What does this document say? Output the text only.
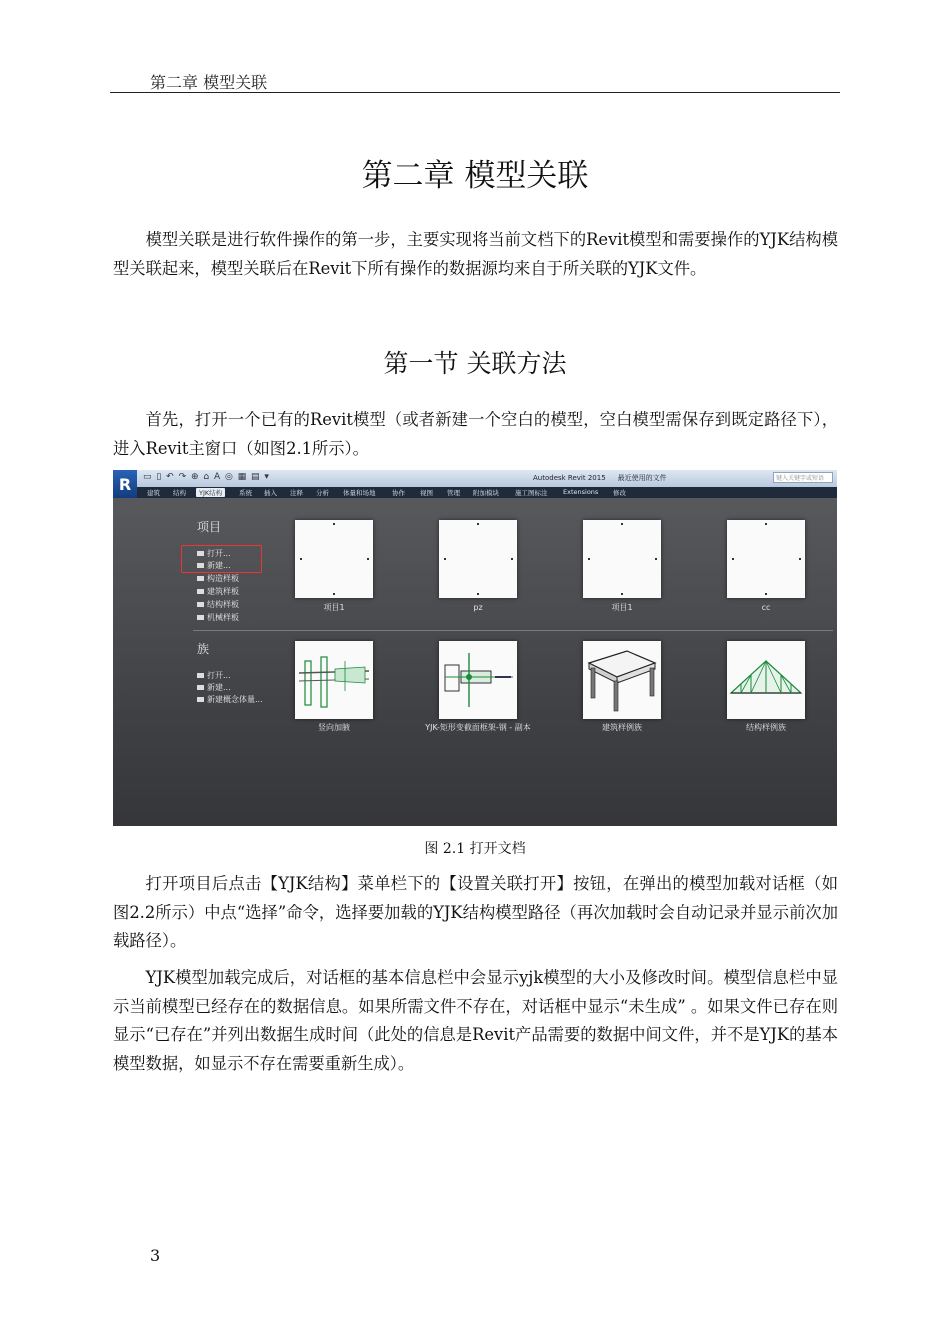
第二章 模型关联
第二章 模型关联

模型关联是进行软件操作的第一步，主要实现将当前文档下的Revit模型和需要操作的YJK结构模型关联起来，模型关联后在Revit下所有操作的数据源均来自于所关联的YJK文件。

第一节 关联方法

首先，打开一个已有的Revit模型（或者新建一个空白的模型，空白模型需保存到既定路径下），进入Revit主窗口（如图2.1所示）。

R	▭ ▯ ↶ ↷ ⊕ ⌂ A ◎ ▦ ▤ ▾	Autodesk Revit 2015 最近使用的文件	键入关键字或短语
建筑 结构	YJK结构	系统 插入 注释 分析 体量和场地	协作 视图 管理 附加模块 施工图标注 Extensions 修改
项目
打开...
新建...
构造样板
建筑样板
结构样板
机械样板
项目1	pz	项目1	cc
族
打开...
新建...
新建概念体量...
竖向加腋	YJK-矩形变截面框架-钢 - 副本	建筑样例族	结构样例族
图 2.1 打开文档

打开项目后点击【YJK结构】菜单栏下的【设置关联打开】按钮，在弹出的模型加载对话框（如图2.2所示）中点“选择”命令，选择要加载的YJK结构模型路径（再次加载时会自动记录并显示前次加载路径）。

YJK模型加载完成后，对话框的基本信息栏中会显示yjk模型的大小及修改时间。模型信息栏中显示当前模型已经存在的数据信息。如果所需文件不存在，对话框中显示“未生成” 。如果文件已存在则显示“已存在”并列出数据生成时间（此处的信息是Revit产品需要的数据中间文件，并不是YJK的基本模型数据，如显示不存在需要重新生成）。

3
